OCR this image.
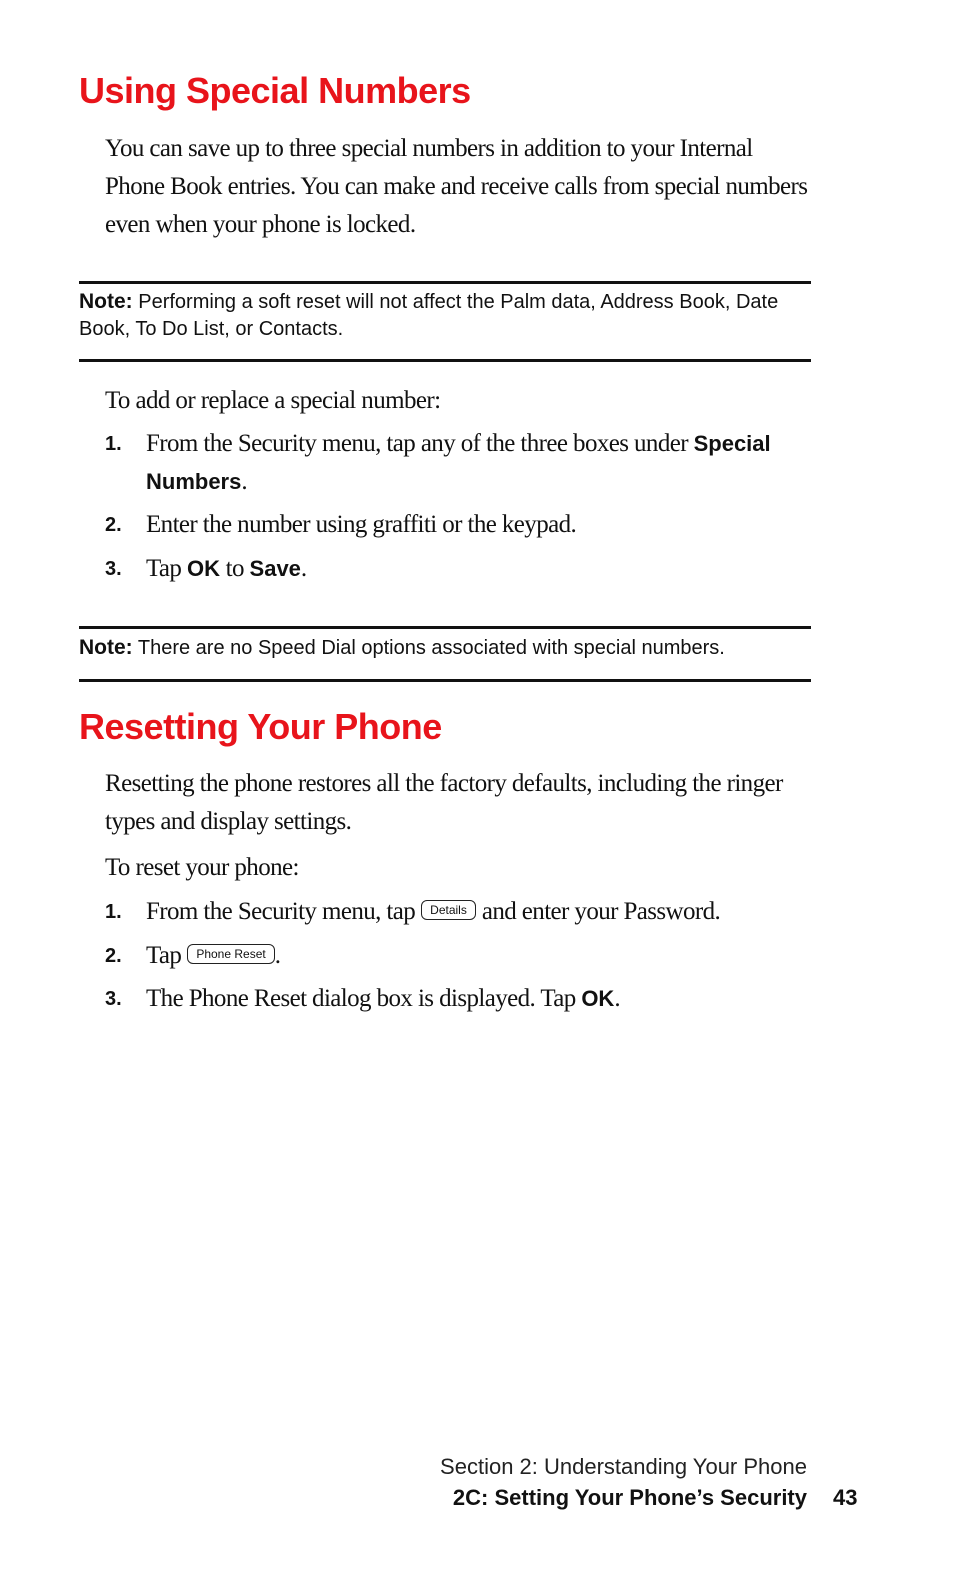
Using Special Numbers

You can save up to three special numbers in addition to your Internal Phone Book entries. You can make and receive calls from special numbers even when your phone is locked.

Note: Performing a soft reset will not affect the Palm data, Address Book, Date Book, To Do List, or Contacts.

To add or replace a special number:

1. From the Security menu, tap any of the three boxes under Special Numbers.
2. Enter the number using graffiti or the keypad.
3. Tap OK to Save.

Note: There are no Speed Dial options associated with special numbers.

Resetting Your Phone

Resetting the phone restores all the factory defaults, including the ringer types and display settings.

To reset your phone:

1. From the Security menu, tap Details and enter your Password.
2. Tap Phone Reset .
3. The Phone Reset dialog box is displayed. Tap OK.
Section 2: Understanding Your Phone
2C: Setting Your Phone’s Security 43
